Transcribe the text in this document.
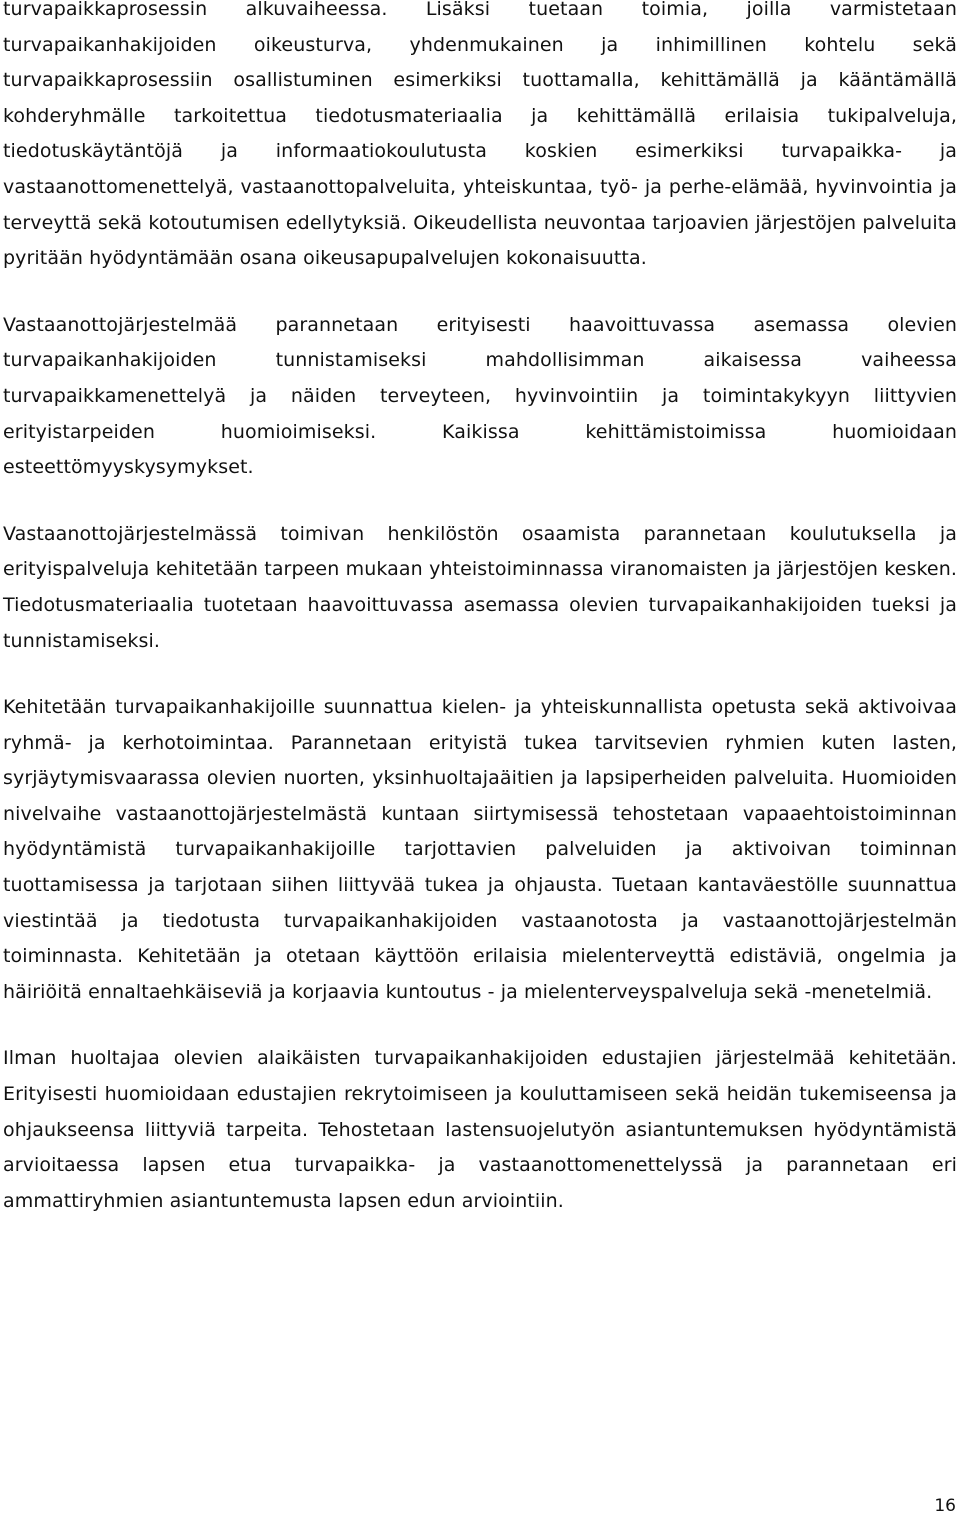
turvapaikkaprosessin alkuvaiheessa. Lisäksi tuetaan toimia, joilla varmistetaan turvapaikanhakijoiden oikeusturva, yhdenmukainen ja inhimillinen kohtelu sekä turvapaikkaprosessiin osallistuminen esimerkiksi tuottamalla, kehittämällä ja kääntämällä kohderyhmälle tarkoitettua tiedotusmateriaalia ja kehittämällä erilaisia tukipalveluja, tiedotuskäytäntöjä ja informaatiokoulutusta koskien esimerkiksi turvapaikka- ja vastaanottomenettelyä, vastaanottopalveluita, yhteiskuntaa, työ- ja perhe-elämää, hyvinvointia ja terveyttä sekä kotoutumisen edellytyksiä. Oikeudellista neuvontaa tarjoavien järjestöjen palveluita pyritään hyödyntämään osana oikeusapupalvelujen kokonaisuutta.

Vastaanottojärjestelmää parannetaan erityisesti haavoittuvassa asemassa olevien turvapaikanhakijoiden tunnistamiseksi mahdollisimman aikaisessa vaiheessa turvapaikkamenettelyä ja näiden terveyteen, hyvinvointiin ja toimintakykyyn liittyvien erityistarpeiden huomioimiseksi. Kaikissa kehittämistoimissa huomioidaan esteettömyyskysymykset.

Vastaanottojärjestelmässä toimivan henkilöstön osaamista parannetaan koulutuksella ja erityispalveluja kehitetään tarpeen mukaan yhteistoiminnassa viranomaisten ja järjestöjen kesken. Tiedotusmateriaalia tuotetaan haavoittuvassa asemassa olevien turvapaikanhakijoiden tueksi ja tunnistamiseksi.

Kehitetään turvapaikanhakijoille suunnattua kielen- ja yhteiskunnallista opetusta sekä aktivoivaa ryhmä- ja kerhotoimintaa. Parannetaan erityistä tukea tarvitsevien ryhmien kuten lasten, syrjäytymisvaarassa olevien nuorten, yksinhuoltajaäitien ja lapsiperheiden palveluita. Huomioiden nivelvaihe vastaanottojärjestelmästä kuntaan siirtymisessä tehostetaan vapaaehtoistoiminnan hyödyntämistä turvapaikanhakijoille tarjottavien palveluiden ja aktivoivan toiminnan tuottamisessa ja tarjotaan siihen liittyvää tukea ja ohjausta. Tuetaan kantaväestölle suunnattua viestintää ja tiedotusta turvapaikanhakijoiden vastaanotosta ja vastaanottojärjestelmän toiminnasta. Kehitetään ja otetaan käyttöön erilaisia mielenterveyttä edistäviä, ongelmia ja häiriöitä ennaltaehkäiseviä ja korjaavia kuntoutus - ja mielenterveyspalveluja sekä -menetelmiä.

Ilman huoltajaa olevien alaikäisten turvapaikanhakijoiden edustajien järjestelmää kehitetään. Erityisesti huomioidaan edustajien rekrytoimiseen ja kouluttamiseen sekä heidän tukemiseensa ja ohjaukseensa liittyviä tarpeita. Tehostetaan lastensuojelutyön asiantuntemuksen hyödyntämistä arvioitaessa lapsen etua turvapaikka- ja vastaanottomenettelyssä ja parannetaan eri ammattiryhmien asiantuntemusta lapsen edun arviointiin.

16
